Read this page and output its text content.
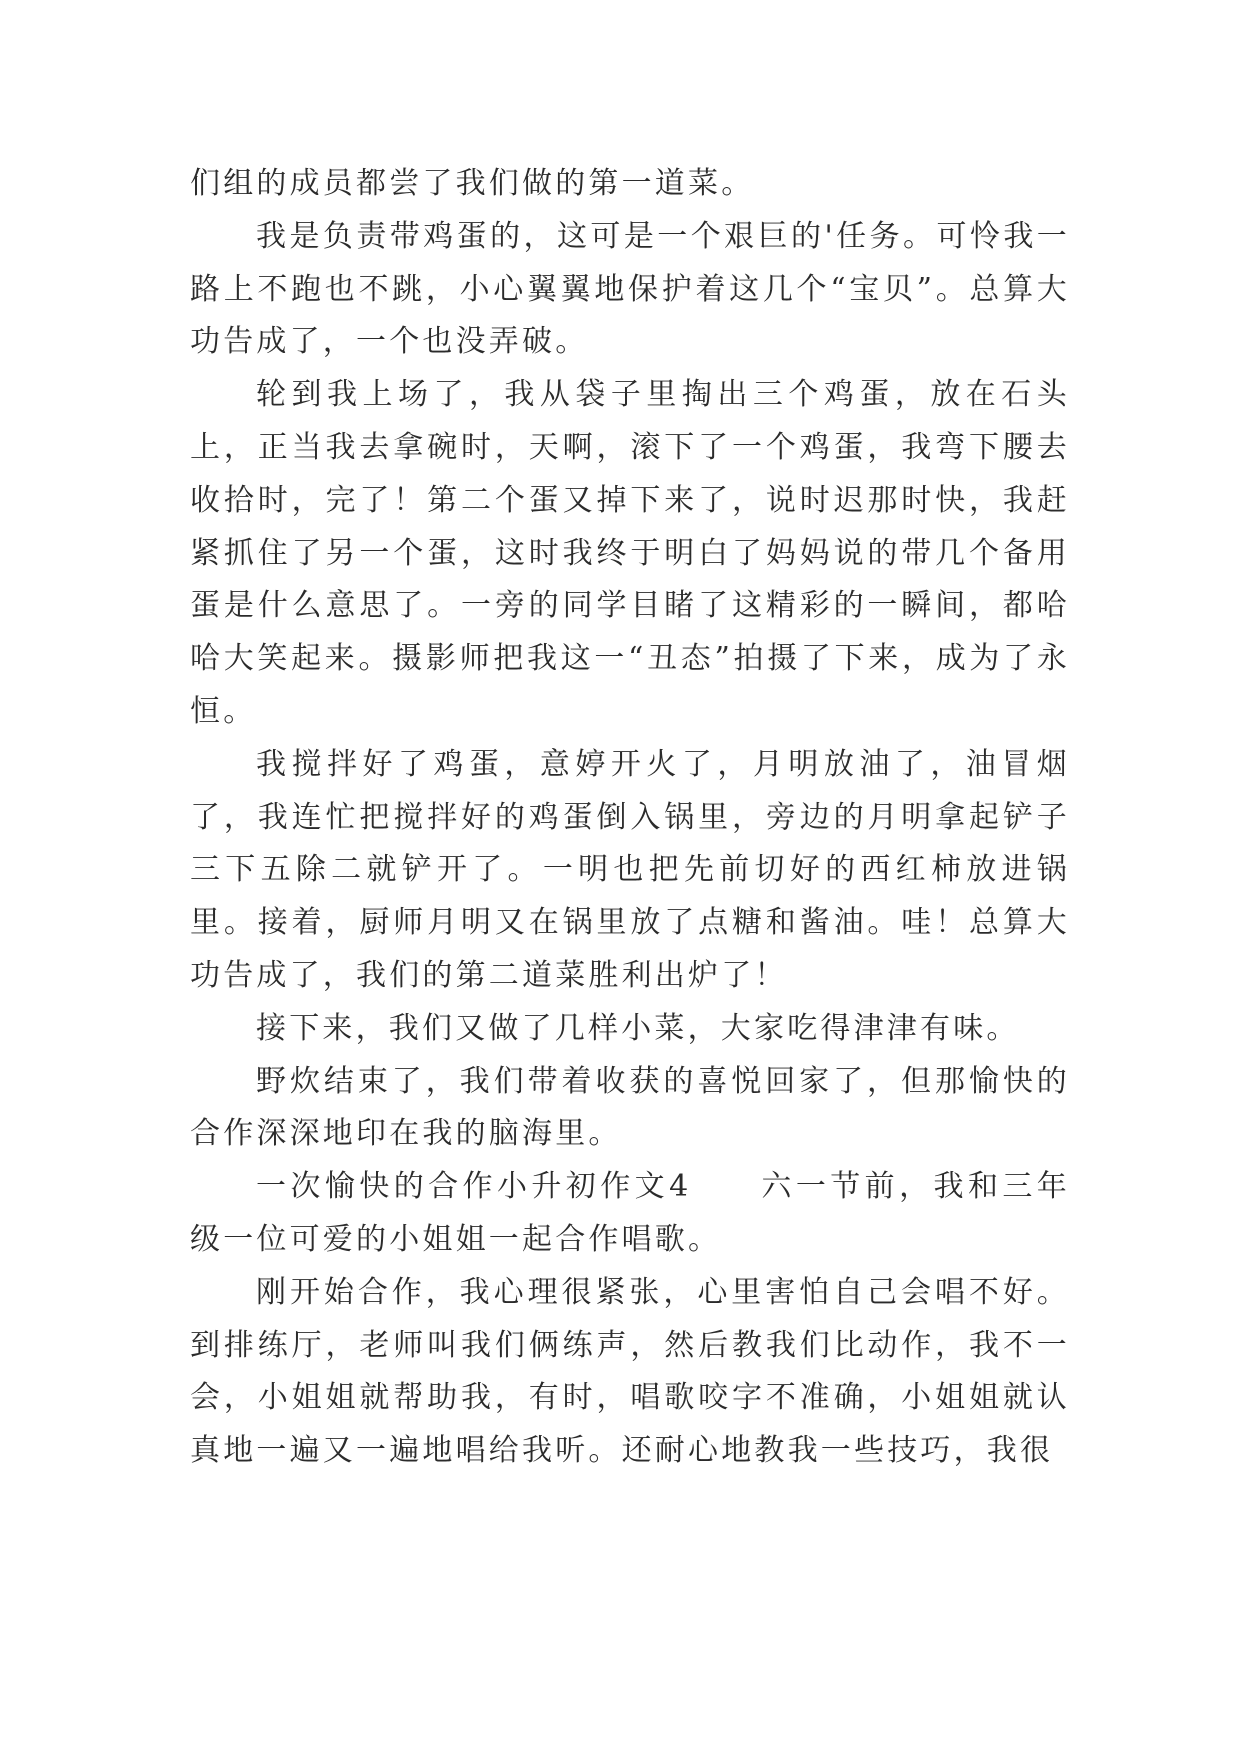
们组的成员都尝了我们做的第一道菜。

我是负责带鸡蛋的，这可是一个艰巨的'任务。可怜我一路上不跑也不跳，小心翼翼地保护着这几个“宝贝”。总算大功告成了，一个也没弄破。

轮到我上场了，我从袋子里掏出三个鸡蛋，放在石头上，正当我去拿碗时，天啊，滚下了一个鸡蛋，我弯下腰去收拾时，完了！第二个蛋又掉下来了，说时迟那时快，我赶紧抓住了另一个蛋，这时我终于明白了妈妈说的带几个备用蛋是什么意思了。一旁的同学目睹了这精彩的一瞬间，都哈哈大笑起来。摄影师把我这一“丑态”拍摄了下来，成为了永恒。

我搅拌好了鸡蛋，意婷开火了，月明放油了，油冒烟了，我连忙把搅拌好的鸡蛋倒入锅里，旁边的月明拿起铲子三下五除二就铲开了。一明也把先前切好的西红柿放进锅里。接着，厨师月明又在锅里放了点糖和酱油。哇！总算大功告成了，我们的第二道菜胜利出炉了！

接下来，我们又做了几样小菜，大家吃得津津有味。

野炊结束了，我们带着收获的喜悦回家了，但那愉快的合作深深地印在我的脑海里。

一次愉快的合作小升初作文4　　六一节前，我和三年级一位可爱的小姐姐一起合作唱歌。

刚开始合作，我心理很紧张，心里害怕自己会唱不好。到排练厅，老师叫我们俩练声，然后教我们比动作，我不一会，小姐姐就帮助我，有时，唱歌咬字不准确，小姐姐就认真地一遍又一遍地唱给我听。还耐心地教我一些技巧，我很
